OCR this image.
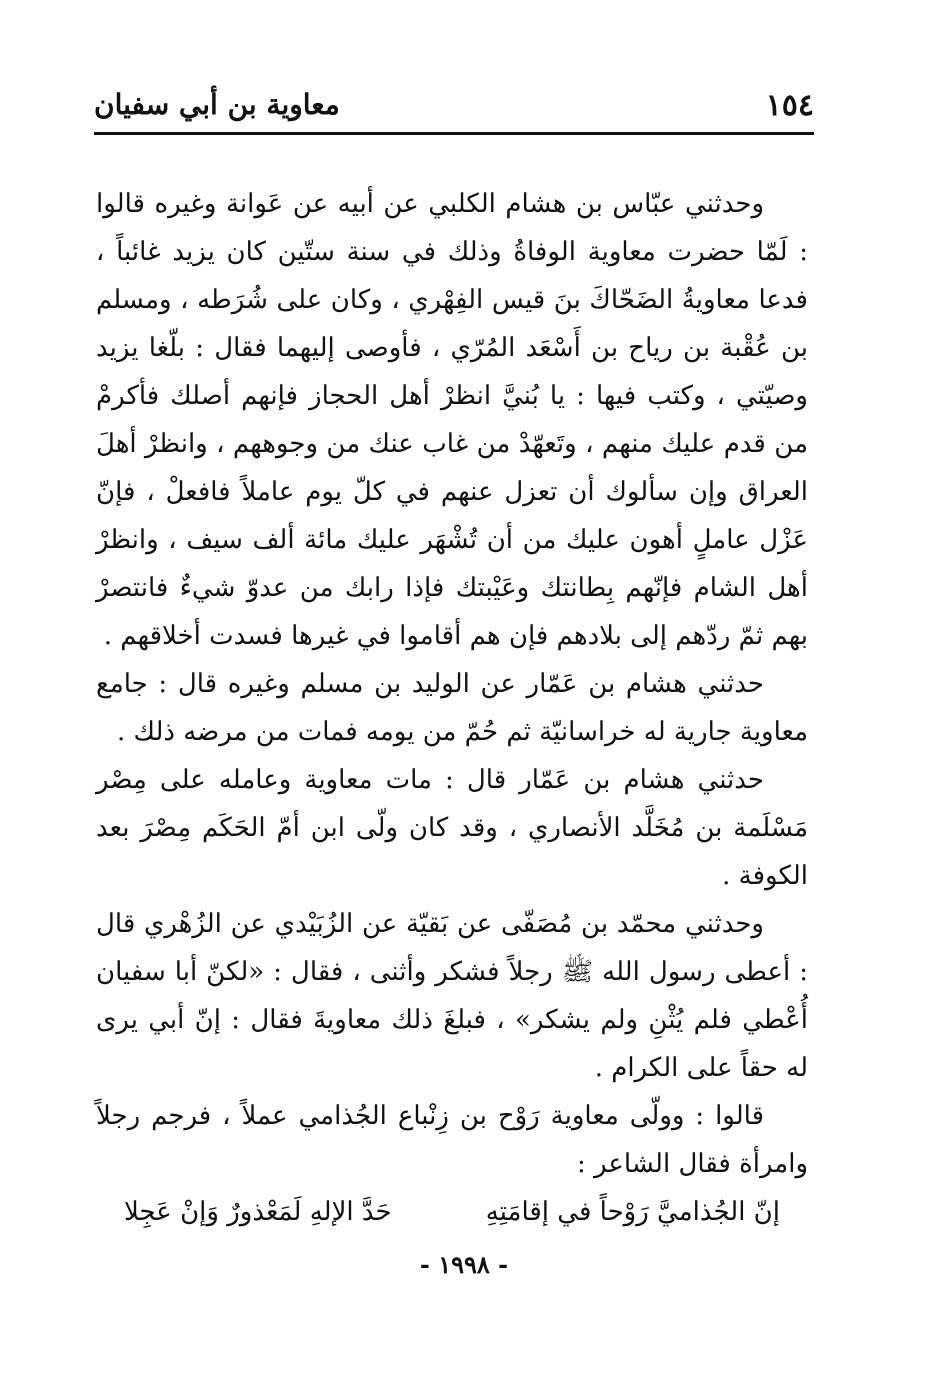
١٥٤
معاوية بن أبي سفيان

وحدثني عبّاس بن هشام الكلبي عن أبيه عن عَوانة وغيره قالوا : لَمّا حضرت معاوية الوفاةُ وذلك في سنة ستّين كان يزيد غائباً ، فدعا معاويةُ الضَحّاكَ بنَ قيس الفِهْري ، وكان على شُرَطه ، ومسلم بن عُقْبة بن رياح بن أَسْعَد المُرّي ، فأوصى إليهما فقال : بلّغا يزيد وصيّتي ، وكتب فيها : يا بُنيَّ انظرْ أهل الحجاز فإنهم أصلك فأكرمْ من قدم عليك منهم ، وتَعهّدْ من غاب عنك من وجوههم ، وانظرْ أهلَ العراق وإن سألوك أن تعزل عنهم في كلّ يوم عاملاً فافعلْ ، فإنّ عَزْل عاملٍ أهون عليك من أن تُشْهَر عليك مائة ألف سيف ، وانظرْ أهل الشام فإنّهم بِطانتك وعَيْبتك فإذا رابك من عدوّ شيءٌ فانتصرْ بهم ثمّ ردّهم إلى بلادهم فإن هم أقاموا في غيرها فسدت أخلاقهم .

حدثني هشام بن عَمّار عن الوليد بن مسلم وغيره قال : جامع معاوية جارية له خراسانيّة ثم حُمّ من يومه فمات من مرضه ذلك .

حدثني هشام بن عَمّار قال : مات معاوية وعامله على مِصْر مَسْلَمة بن مُخَلَّد الأنصاري ، وقد كان ولّى ابن أمّ الحَكَم مِصْرَ بعد الكوفة .

وحدثني محمّد بن مُصَفّى عن بَقيّة عن الزُبَيْدي عن الزُهْري قال : أعطى رسول الله ﷺ رجلاً فشكر وأثنى ، فقال : «لكنّ أبا سفيان أُعْطي فلم يُثْنِ ولم يشكر» ، فبلغَ ذلك معاويةَ فقال : إنّ أبي يرى له حقاً على الكرام .

قالوا : وولّى معاوية رَوْح بن زِنْباع الجُذامي عملاً ، فرجم رجلاً وامرأة فقال الشاعر :

إنّ الجُذاميَّ رَوْحاً في إقامَتِهِ
حَدَّ الإلهِ لَمَعْذورٌ وَإنْ عَجِلا
- ١٩٩٨ -
